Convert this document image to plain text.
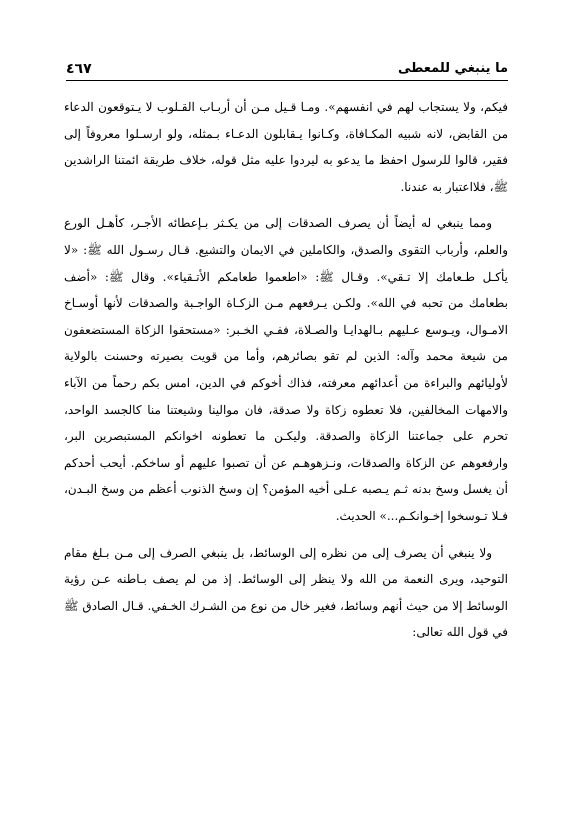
ما ينبغي للمعطى
٤٦٧

فيكم، ولا يستجاب لهم في انفسهم». ومـا قـيل مـن أن أربـاب القـلوب لا يـتوقعون الدعاء من القابض، لانه شبيه المكـافاة، وكـانوا يـقابلون الدعـاء بـمثله، ولو ارسـلوا معروفاً إلى فقير، قالوا للرسول احفظ ما يدعو به ليردوا عليه مثل قوله، خلاف طريقة ائمتنا الراشدين ﷺ، فلااعتبار به عندنا.

ومما ينبغي له أيضاً أن يصرف الصدقات إلى من يكـثر بـإعطائه الأجـر، كأهـل الورع والعلم، وأرباب التقوى والصدق، والكاملين في الايمان والتشيع. قـال رسـول الله ﷺ: «لا يأكـل طـعامك إلا تـقي». وقـال ﷺ: «اطعموا طعامكم الأتـقياء». وقال ﷺ: «أضف بطعامك من تحبه في الله». ولكـن يـرفعهم مـن الزكـاة الواجـبة والصدقات لأنها أوسـاخ الامـوال، ويـوسع عـليهم بـالهدايـا والصـلاة، ففـي الخـبر: «مستحقوا الزكاة المستضعفون من شيعة محمد وآله: الذين لم تقو بصائرهم، وأما من قويت بصيرته وحسنت بالولاية لأوليائهم والبراءة من أعدائهم معرفته، فذاك أخوكم في الدين، امس بكم رحماً من الآباء والامهات المخالفين، فلا تعطوه زكاة ولا صدقة، فان موالينا وشيعتنا منا كالجسد الواحد، تحرم على جماعتنا الزكاة والصدقة. وليكـن ما تعطونه اخوانكم المستبصرين البر، وارفعوهم عن الزكاة والصدقات، ونـزهوهـم عن أن تصبوا عليهم أو ساخكم. أيحب أحدكم أن يغسل وسخ بدنه ثـم يـصبه عـلى أخيه المؤمن؟ إن وسخ الذنوب أعظم من وسخ البـدن، فـلا تـوسخوا إخـوانكـم...» الحديث.

ولا ينبغي أن يصرف إلى من نظره إلى الوسائط، بل ينبغي الصرف إلى مـن بـلغ مقام التوحيد، ويرى النعمة من الله ولا ينظر إلى الوسائط. إذ من لم يصف بـاطنه عـن رؤية الوسائط إلا من حيث أنهم وسائط، فغير خال من نوع من الشـرك الخـفي. قـال الصادق ﷺ في قول الله تعالى:
